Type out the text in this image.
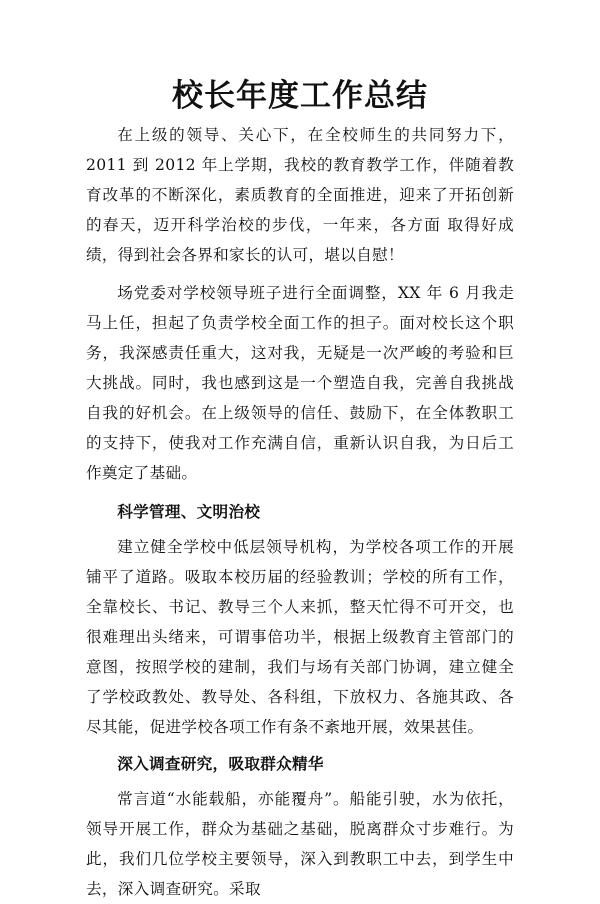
校长年度工作总结

在上级的领导、关心下，在全校师生的共同努力下，2011 到 2012 年上学期，我校的教育教学工作，伴随着教育改革的不断深化，素质教育的全面推进，迎来了开拓创新的春天，迈开科学治校的步伐，一年来，各方面 取得好成绩，得到社会各界和家长的认可，堪以自慰！

场党委对学校领导班子进行全面调整，XX 年 6 月我走马上任，担起了负责学校全面工作的担子。面对校长这个职务，我深感责任重大，这对我，无疑是一次严峻的考验和巨大挑战。同时，我也感到这是一个塑造自我，完善自我挑战自我的好机会。在上级领导的信任、鼓励下，在全体教职工的支持下，使我对工作充满自信，重新认识自我，为日后工作奠定了基础。

科学管理、文明治校

建立健全学校中低层领导机构，为学校各项工作的开展铺平了道路。吸取本校历届的经验教训；学校的所有工作，全靠校长、书记、教导三个人来抓，整天忙得不可开交，也很难理出头绪来，可谓事倍功半，根据上级教育主管部门的意图，按照学校的建制，我们与场有关部门协调，建立健全了学校政教处、教导处、各科组，下放权力、各施其政、各尽其能，促进学校各项工作有条不紊地开展，效果甚佳。

深入调查研究，吸取群众精华

常言道“水能载船，亦能覆舟”。船能引驶，水为依托，领导开展工作，群众为基础之基础，脱离群众寸步难行。为此，我们几位学校主要领导，深入到教职工中去，到学生中去，深入调查研究。采取
